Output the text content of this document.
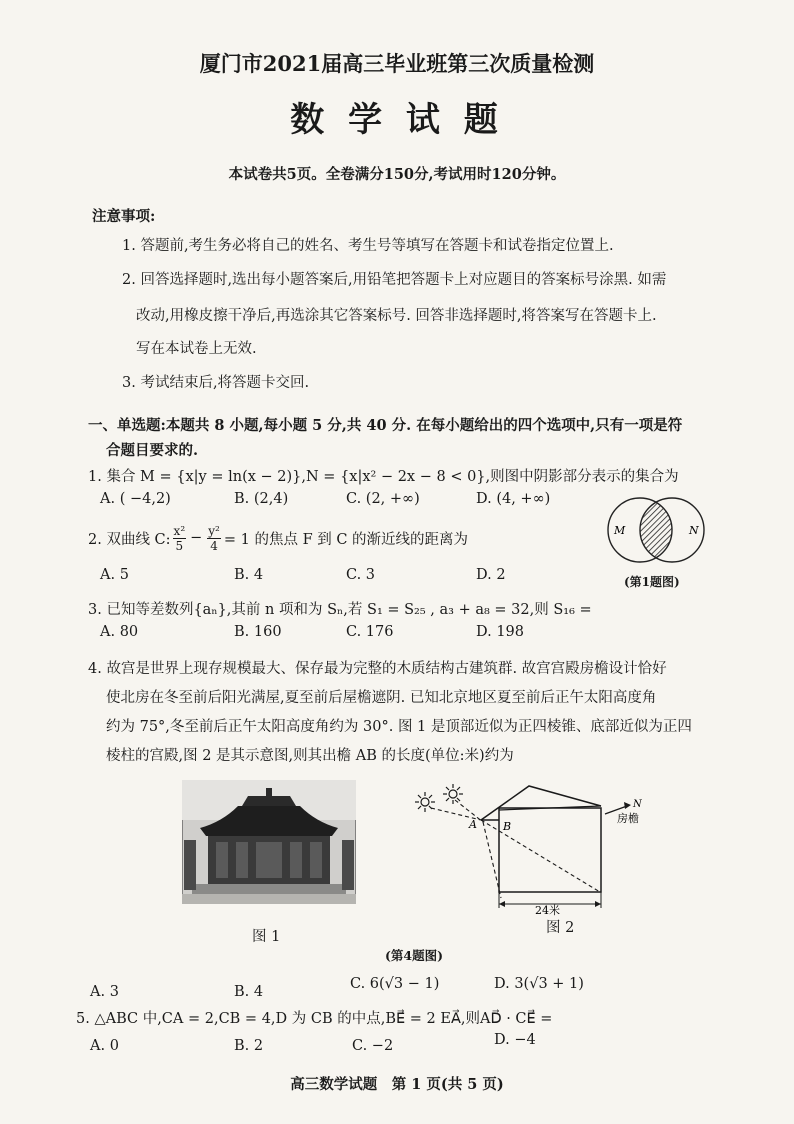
厦门市2021届高三毕业班第三次质量检测
数 学 试 题
本试卷共5页。全卷满分150分,考试用时120分钟。
注意事项:
1. 答题前,考生务必将自己的姓名、考生号等填写在答题卡和试卷指定位置上.
2. 回答选择题时,选出每小题答案后,用铅笔把答题卡上对应题目的答案标号涂黑. 如需
改动,用橡皮擦干净后,再选涂其它答案标号. 回答非选择题时,将答案写在答题卡上.
写在本试卷上无效.
3. 考试结束后,将答题卡交回.
一、单选题:本题共 8 小题,每小题 5 分,共 40 分. 在每小题给出的四个选项中,只有一项是符
合题目要求的.
1. 集合 M = {x|y = ln(x − 2)},N = {x|x² − 2x − 8 < 0},则图中阴影部分表示的集合为
A. ( −4,2)	B. (2,4)	C. (2, +∞)	D. (4, +∞)
M	N
(第1题图)
2. 双曲线 C: $\frac{\text{x²}}{5} - \frac{\text{y²}}{4} = 1$ 的焦点 F 到 C 的渐近线的距离为
A. 5	B. 4	C. 3	D. 2
3. 已知等差数列{aₙ},其前 n 项和为 Sₙ,若 S₁ = S₂₅ , a₃ + a₈ = 32,则 S₁₆ =
A. 80	B. 160	C. 176	D. 198
4. 故宫是世界上现存规模最大、保存最为完整的木质结构古建筑群. 故宫宫殿房檐设计恰好
使北房在冬至前后阳光满屋,夏至前后屋檐遮阴. 已知北京地区夏至前后正午太阳高度角
约为 75°,冬至前后正午太阳高度角约为 30°. 图 1 是顶部近似为正四棱锥、底部近似为正四
棱柱的宫殿,图 2 是其示意图,则其出檐 AB 的长度(单位:米)约为
图 1
A B
N
房檐
24米
图 2
(第4题图)
A. 3	B. 4	C. 6(√3 − 1)	D. 3(√3 + 1)
5. △ABC 中,CA = 2,CB = 4,D 为 CB 的中点,BE⃗ = 2 EA⃗,则AD⃗ · CE⃗ =
A. 0	B. 2	C. −2	D. −4
高三数学试题　第 1 页(共 5 页)
